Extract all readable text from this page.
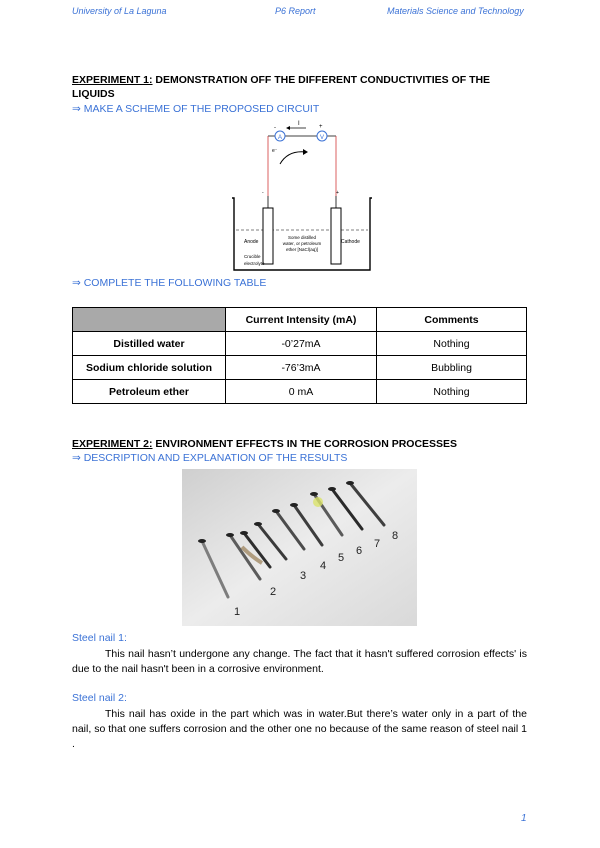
University of La Laguna	P6 Report	Materials Science and Technology
EXPERIMENT 1: DEMONSTRATION OFF THE DIFFERENT CONDUCTIVITIES OF THE LIQUIDS
⇒ MAKE A SCHEME OF THE PROPOSED CIRCUIT
A	V
I
-	+
e⁻
-	+
Anode	Cathode
Some distilled
water, or petroleum
ether [NaCl(aq)]
Crucible
electrolyte
⇒ COMPLETE THE FOLLOWING TABLE
	Current Intensity (mA)	Comments
Distilled water	-0’27mA	Nothing
Sodium chloride solution	-76’3mA	Bubbling
Petroleum ether	0 mA	Nothing
EXPERIMENT 2: ENVIRONMENT EFFECTS IN THE CORROSION PROCESSES
⇒ DESCRIPTION AND EXPLANATION OF THE RESULTS
1
2
3
4
5
6
7
8
Steel nail 1:
This nail hasn’t undergone any change. The fact that it hasn't suffered corrosion effects' is due to the nail hasn't been in a corrosive environment.
Steel nail 2:
This nail has oxide in the part which was in water.But there’s water only in a part of the nail, so that one suffers corrosion and the other one no because of the same reason of steel nail 1 .
1
